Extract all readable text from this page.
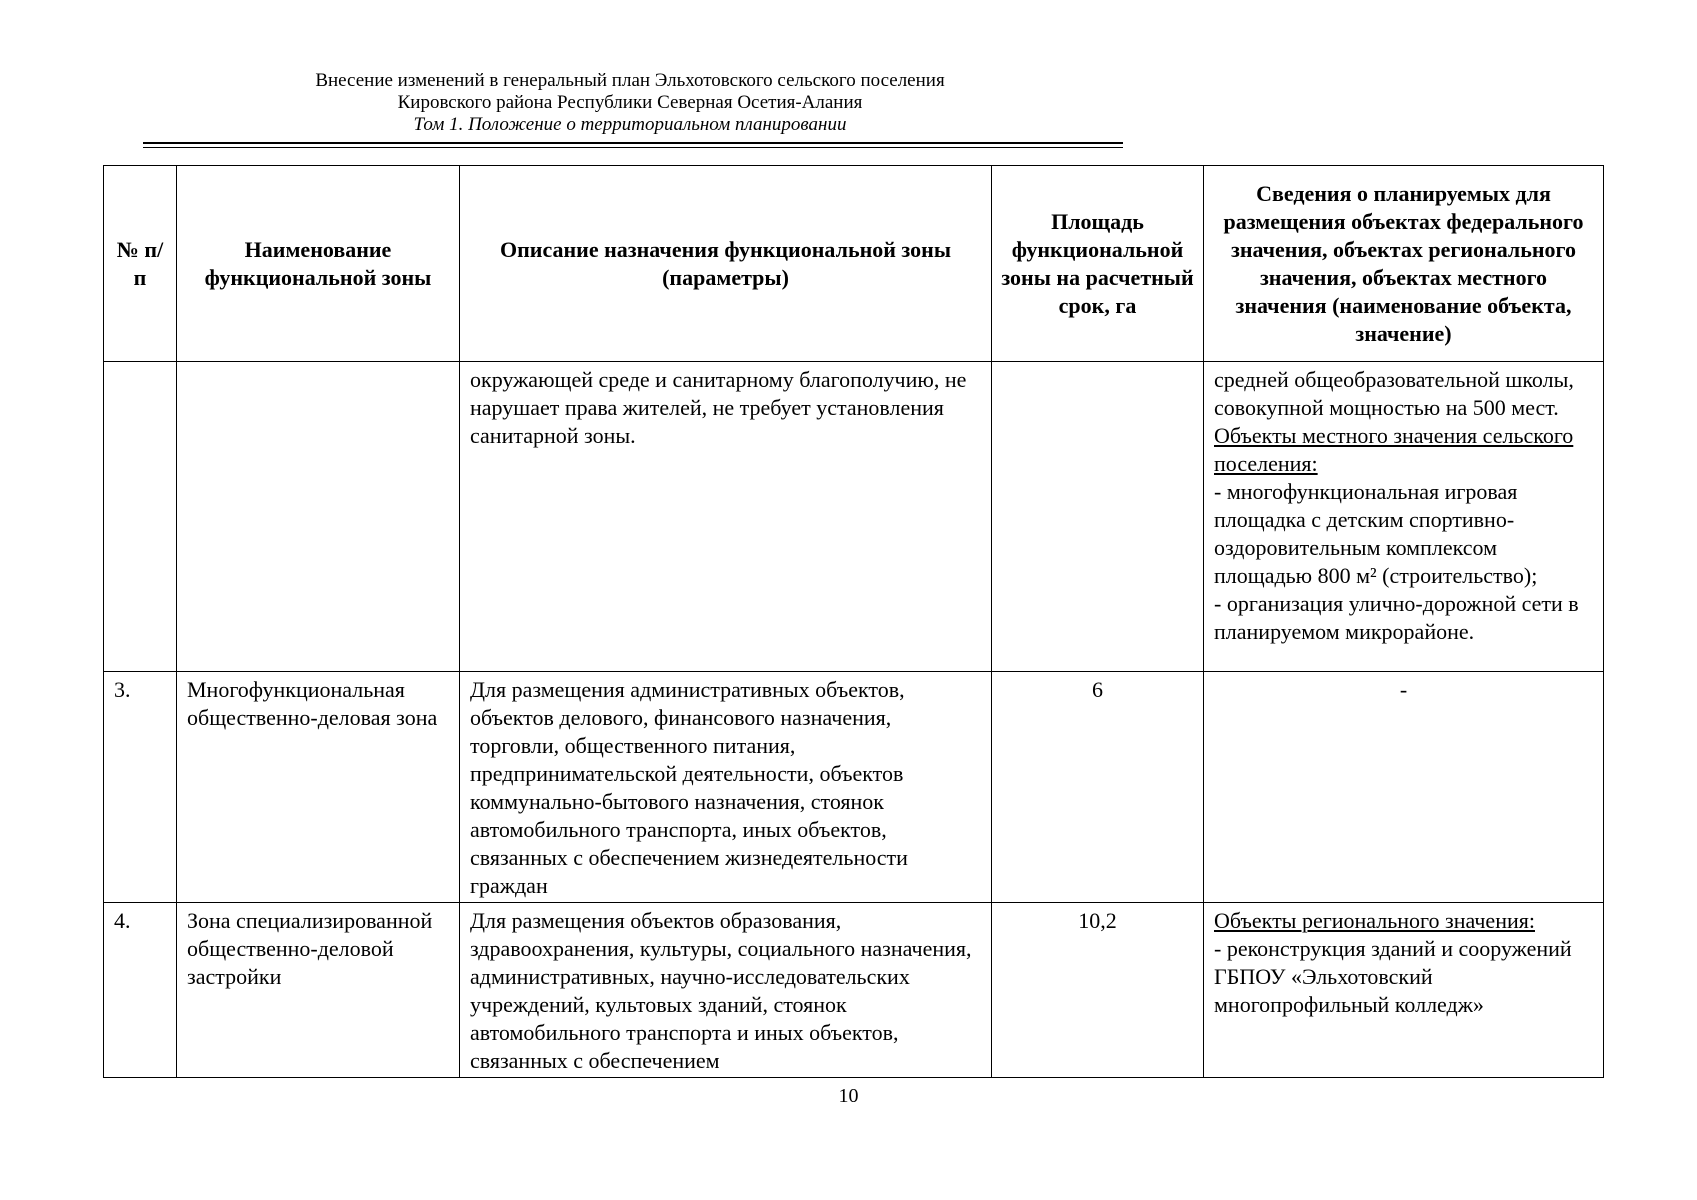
Внесение изменений в генеральный план Эльхотовского сельского поселения
Кировского района Республики Северная Осетия-Алания
Том 1. Положение о территориальном планировании
№ п/п	Наименование функциональной зоны	Описание назначения функциональной зоны (параметры)	Площадь функциональной зоны на расчетный срок, га	Сведения о планируемых для размещения объектах федерального значения, объектах регионального значения, объектах местного значения (наименование объекта, значение)
		окружающей среде и санитарному благополучию, не нарушает права жителей, не требует установления санитарной зоны.		средней общеобразовательной школы, совокупной мощностью на 500 мест.
Объекты местного значения сельского поселения:
- многофункциональная игровая площадка с детским спортивно-оздоровительным комплексом площадью 800 м² (строительство);
- организация улично-дорожной сети в планируемом микрорайоне.

3.	Многофункциональная общественно-деловая зона	Для размещения административных объектов, объектов делового, финансового назначения, торговли, общественного питания, предпринимательской деятельности, объектов коммунально-бытового назначения, стоянок автомобильного транспорта, иных объектов, связанных с обеспечением жизнедеятельности граждан	6	-
4.	Зона специализированной общественно-деловой застройки	Для размещения объектов образования, здравоохранения, культуры, социального назначения, административных, научно-исследовательских учреждений, культовых зданий, стоянок автомобильного транспорта и иных объектов, связанных с обеспечением	10,2	Объекты регионального значения:
- реконструкция зданий и сооружений ГБПОУ «Эльхотовский многопрофильный колледж»
10
